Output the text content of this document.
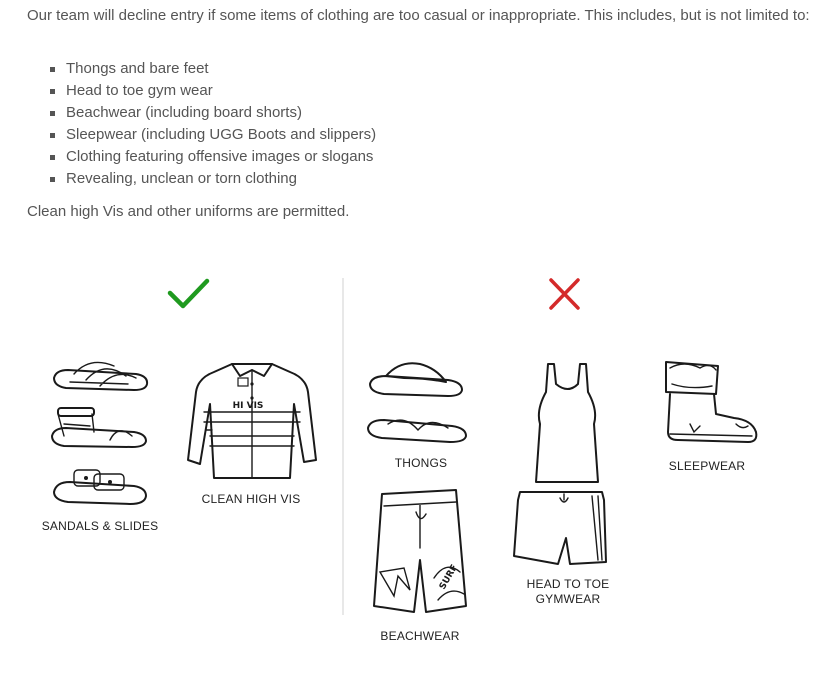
Our team will decline entry if some items of clothing are too casual or inappropriate. This includes, but is not limited to:

Thongs and bare feet
Head to toe gym wear
Beachwear (including board shorts)
Sleepwear (including UGG Boots and slippers)
Clothing featuring offensive images or slogans
Revealing, unclean or torn clothing

Clean high Vis and other uniforms are permitted.

SANDALS & SLIDES
HI VIS
CLEAN HIGH VIS
THONGS
HEAD TO TOE
GYMWEAR
SLEEPWEAR
SURF
BEACHWEAR
